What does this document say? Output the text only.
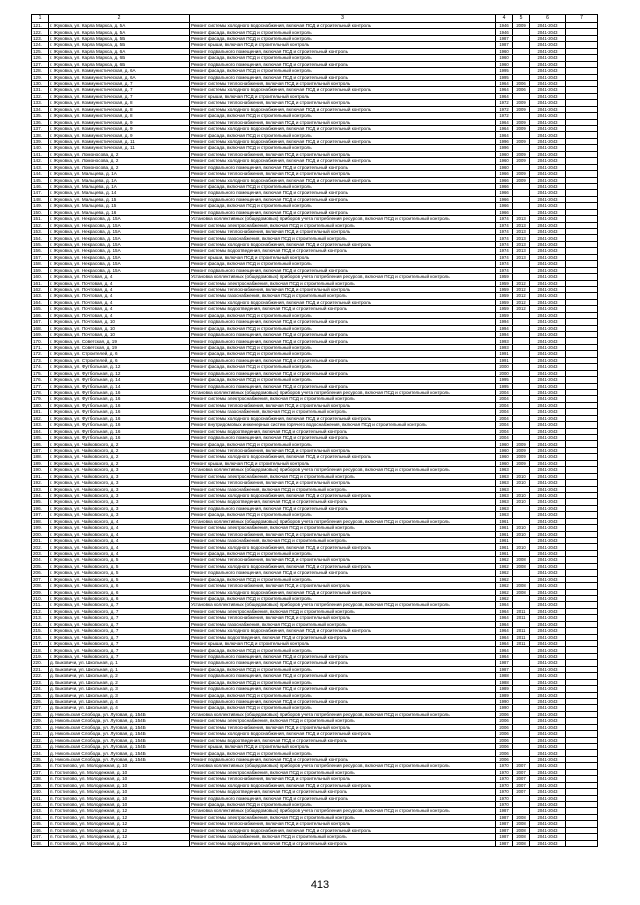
1	2	3	4	5	6	7
121.	г. Жуковка, ул. Карла Маркса, д. 5А	Ремонт системы холодного водоснабжения, включая ПСД и строительный контроль	1946	2009	2041-2043	
122.	г. Жуковка, ул. Карла Маркса, д. 5А	Ремонт фасада, включая ПСД и строительный контроль	1946		2041-2043	
123.	г. Жуковка, ул. Карла Маркса, д. 5Б	Ремонт фасада, включая ПСД и строительный контроль	1987		2041-2043	
124.	г. Жуковка, ул. Карла Маркса, д. 5Б	Ремонт крыши, включая ПСД и строительный контроль	1987		2041-2043	
125.	г. Жуковка, ул. Карла Маркса, д. 6А	Ремонт подвального помещения, включая ПСД и строительный контроль	1960		2041-2043	
126.	г. Жуковка, ул. Карла Маркса, д. 6Б	Ремонт фасада, включая ПСД и строительный контроль	1960		2041-2043	
127.	г. Жуковка, ул. Карла Маркса, д. 6Б	Ремонт подвального помещения, включая ПСД и строительный контроль	1960		2041-2043	
128.	г. Жуковка, ул. Коммунистическая, д. 6А	Ремонт фасада, включая ПСД и строительный контроль	1995		2041-2043	
129.	г. Жуковка, ул. Коммунистическая, д. 6А	Ремонт подвального помещения, включая ПСД и строительный контроль	1995		2041-2043	
130.	г. Жуковка, ул. Коммунистическая, д. 7	Ремонт системы теплоснабжения, включая ПСД и строительный контроль	1964	2006	2041-2043	
131.	г. Жуковка, ул. Коммунистическая, д. 7	Ремонт системы холодного водоснабжения, включая ПСД и строительный контроль	1964	2006	2041-2043	
132.	г. Жуковка, ул. Коммунистическая, д. 7	Ремонт крыши, включая ПСД и строительный контроль	1964		2041-2043	
133.	г. Жуковка, ул. Коммунистическая, д. 8	Ремонт системы теплоснабжения, включая ПСД и строительный контроль	1972	2009	2041-2043	
134.	г. Жуковка, ул. Коммунистическая, д. 8	Ремонт системы холодного водоснабжения, включая ПСД и строительный контроль	1972	2009	2041-2043	
135.	г. Жуковка, ул. Коммунистическая, д. 8	Ремонт фасада, включая ПСД и строительный контроль	1972		2041-2043	
136.	г. Жуковка, ул. Коммунистическая, д. 9	Ремонт системы теплоснабжения, включая ПСД и строительный контроль	1964	2009	2041-2043	
137.	г. Жуковка, ул. Коммунистическая, д. 9	Ремонт системы холодного водоснабжения, включая ПСД и строительный контроль	1964	2009	2041-2043	
138.	г. Жуковка, ул. Коммунистическая, д. 9	Ремонт фасада, включая ПСД и строительный контроль	1964		2041-2043	
139.	г. Жуковка, ул. Коммунистическая, д. 11	Ремонт системы холодного водоснабжения, включая ПСД и строительный контроль	1996	2009	2041-2043	
140.	г. Жуковка, ул. Коммунистическая, д. 11	Ремонт фасада, включая ПСД и строительный контроль	1996		2041-2043	
141.	г. Жуковка, ул. Ломоносова, д. 2	Ремонт системы теплоснабжения, включая ПСД и строительный контроль	1960	2009	2041-2043	
142.	г. Жуковка, ул. Ломоносова, д. 2	Ремонт системы холодного водоснабжения, включая ПСД и строительный контроль	1960	2009	2041-2043	
143.	г. Жуковка, ул. Ломоносова, д. 2	Ремонт подвального помещения, включая ПСД и строительный контроль	1960		2041-2043	
144.	г. Жуковка, ул. Мальцева, д. 1А	Ремонт системы теплоснабжения, включая ПСД и строительный контроль	1966	2009	2041-2043	
145.	г. Жуковка, ул. Мальцева, д. 1А	Ремонт системы холодного водоснабжения, включая ПСД и строительный контроль	1966	2009	2041-2043	
146.	г. Жуковка, ул. Мальцева, д. 1А	Ремонт фасада, включая ПСД и строительный контроль	1966		2041-2043	
147.	г. Жуковка, ул. Мальцева, д. 14	Ремонт подвального помещения, включая ПСД и строительный контроль	1966		2041-2043	
148.	г. Жуковка, ул. Мальцева, д. 15	Ремонт подвального помещения, включая ПСД и строительный контроль	1966		2041-2043	
149.	г. Жуковка, ул. Мальцева, д. 15	Ремонт фасада, включая ПСД и строительный контроль	1966		2041-2043	
150.	г. Жуковка, ул. Мальцева, д. 16	Ремонт подвального помещения, включая ПСД и строительный контроль	1966		2041-2043	
151.	г. Жуковка, ул. Некрасова, д. 15А	Установка коллективных (общедомовых) приборов учета потребления ресурсов, включая ПСД и строительный контроль	1974	2013	2041-2043	
152.	г. Жуковка, ул. Некрасова, д. 15А	Ремонт системы электроснабжения, включая ПСД и строительный контроль	1974	2013	2041-2043	
153.	г. Жуковка, ул. Некрасова, д. 15А	Ремонт системы теплоснабжения, включая ПСД и строительный контроль	1974	2013	2041-2043	
154.	г. Жуковка, ул. Некрасова, д. 15А	Ремонт системы газоснабжения, включая ПСД и строительный контроль	1974	2013	2041-2043	
155.	г. Жуковка, ул. Некрасова, д. 15А	Ремонт системы холодного водоснабжения, включая ПСД и строительный контроль	1974	2013	2041-2043	
156.	г. Жуковка, ул. Некрасова, д. 15А	Ремонт системы водоотведения, включая ПСД и строительный контроль	1974	2013	2041-2043	
157.	г. Жуковка, ул. Некрасова, д. 15А	Ремонт крыши, включая ПСД и строительный контроль	1974	2013	2041-2043	
158.	г. Жуковка, ул. Некрасова, д. 15А	Ремонт фасада, включая ПСД и строительный контроль	1974		2041-2043	
159.	г. Жуковка, ул. Некрасова, д. 15А	Ремонт подвального помещения, включая ПСД и строительный контроль	1974		2041-2043	
160.	г. Жуковка, ул. Почтовая, д. 4	Установка коллективных (общедомовых) приборов учета потребления ресурсов, включая ПСД и строительный контроль	1959		2041-2043	
161.	г. Жуковка, ул. Почтовая, д. 4	Ремонт системы электроснабжения, включая ПСД и строительный контроль	1959	2012	2041-2043	
162.	г. Жуковка, ул. Почтовая, д. 4	Ремонт системы теплоснабжения, включая ПСД и строительный контроль	1959	2012	2041-2043	
163.	г. Жуковка, ул. Почтовая, д. 4	Ремонт системы газоснабжения, включая ПСД и строительный контроль	1959	2012	2041-2043	
164.	г. Жуковка, ул. Почтовая, д. 4	Ремонт системы холодного водоснабжения, включая ПСД и строительный контроль	1959	2012	2041-2043	
165.	г. Жуковка, ул. Почтовая, д. 4	Ремонт системы водоотведения, включая ПСД и строительный контроль	1959	2012	2041-2043	
166.	г. Жуковка, ул. Почтовая, д. 4	Ремонт фасада, включая ПСД и строительный контроль	1959		2041-2043	
167.	г. Жуковка, ул. Почтовая, д. 10	Ремонт подвального помещения, включая ПСД и строительный контроль	1994		2041-2043	
168.	г. Жуковка, ул. Почтовая, д. 10	Ремонт фасада, включая ПСД и строительный контроль	1994		2041-2043	
169.	г. Жуковка, ул. Почтовая, д. 10	Ремонт подвального помещения, включая ПСД и строительный контроль	1994		2041-2043	
170.	г. Жуковка, ул. Советская, д. 19	Ремонт подвального помещения, включая ПСД и строительный контроль	1993		2041-2043	
171.	г. Жуковка, ул. Советская, д. 19	Ремонт фасада, включая ПСД и строительный контроль	1993		2041-2043	
172.	г. Жуковка, ул. Строителей, д. 6	Ремонт фасада, включая ПСД и строительный контроль	1991		2041-2043	
173.	г. Жуковка, ул. Строителей, д. 6	Ремонт подвального помещения, включая ПСД и строительный контроль	1991		2041-2043	
174.	г. Жуковка, ул. Футбольная, д. 12	Ремонт фасада, включая ПСД и строительный контроль	2000		2041-2043	
175.	г. Жуковка, ул. Футбольная, д. 12	Ремонт подвального помещения, включая ПСД и строительный контроль	2000		2041-2043	
176.	г. Жуковка, ул. Футбольная, д. 14	Ремонт фасада, включая ПСД и строительный контроль	1995		2041-2043	
177.	г. Жуковка, ул. Футбольная, д. 14	Ремонт подвального помещения, включая ПСД и строительный контроль	1995		2041-2043	
178.	г. Жуковка, ул. Футбольная, д. 16	Установка коллективных (общедомовых) приборов учета потребления ресурсов, включая ПСД и строительный контроль	2004		2041-2043	
179.	г. Жуковка, ул. Футбольная, д. 16	Ремонт системы электроснабжения, включая ПСД и строительный контроль	2004		2041-2043	
180.	г. Жуковка, ул. Футбольная, д. 16	Ремонт системы теплоснабжения, включая ПСД и строительный контроль	2004		2041-2043	
181.	г. Жуковка, ул. Футбольная, д. 16	Ремонт системы газоснабжения, включая ПСД и строительный контроль	2004		2041-2043	
182.	г. Жуковка, ул. Футбольная, д. 16	Ремонт системы холодного водоснабжения, включая ПСД и строительный контроль	2004		2041-2043	
183.	г. Жуковка, ул. Футбольная, д. 16	Ремонт внутридомовых инженерных систем горячего водоснабжения, включая ПСД и строительный контроль	2004		2041-2043	
184.	г. Жуковка, ул. Футбольная, д. 16	Ремонт системы водоотведения, включая ПСД и строительный контроль	2004		2041-2043	
185.	г. Жуковка, ул. Футбольная, д. 16	Ремонт подвального помещения, включая ПСД и строительный контроль	2004		2041-2043	
186.	г. Жуковка, ул. Чайковского, д. 2	Ремонт фасада, включая ПСД и строительный контроль	1960	2009	2041-2043	
187.	г. Жуковка, ул. Чайковского, д. 2	Ремонт системы теплоснабжения, включая ПСД и строительный контроль	1960	2009	2041-2043	
188.	г. Жуковка, ул. Чайковского, д. 2	Ремонт системы холодного водоснабжения, включая ПСД и строительный контроль	1960	2009	2041-2043	
189.	г. Жуковка, ул. Чайковского, д. 2	Ремонт крыши, включая ПСД и строительный контроль	1960	2009	2041-2043	
190.	г. Жуковка, ул. Чайковского, д. 3	Установка коллективных (общедомовых) приборов учета потребления ресурсов, включая ПСД и строительный контроль	1963		2041-2043	
191.	г. Жуковка, ул. Чайковского, д. 3	Ремонт системы электроснабжения, включая ПСД и строительный контроль	1963	2010	2041-2043	
192.	г. Жуковка, ул. Чайковского, д. 3	Ремонт системы теплоснабжения, включая ПСД и строительный контроль	1963	2010	2041-2043	
193.	г. Жуковка, ул. Чайковского, д. 3	Ремонт системы газоснабжения, включая ПСД и строительный контроль	1963		2041-2043	
194.	г. Жуковка, ул. Чайковского, д. 3	Ремонт системы холодного водоснабжения, включая ПСД и строительный контроль	1963	2010	2041-2043	
195.	г. Жуковка, ул. Чайковского, д. 3	Ремонт системы водоотведения, включая ПСД и строительный контроль	1963	2010	2041-2043	
196.	г. Жуковка, ул. Чайковского, д. 3	Ремонт подвального помещения, включая ПСД и строительный контроль	1963		2041-2043	
197.	г. Жуковка, ул. Чайковского, д. 3	Ремонт фасада, включая ПСД и строительный контроль	1963		2041-2043	
198.	г. Жуковка, ул. Чайковского, д. 4	Установка коллективных (общедомовых) приборов учета потребления ресурсов, включая ПСД и строительный контроль	1961		2041-2043	
199.	г. Жуковка, ул. Чайковского, д. 4	Ремонт системы электроснабжения, включая ПСД и строительный контроль	1961	2010	2041-2043	
200.	г. Жуковка, ул. Чайковского, д. 4	Ремонт системы теплоснабжения, включая ПСД и строительный контроль	1961	2010	2041-2043	
201.	г. Жуковка, ул. Чайковского, д. 4	Ремонт системы газоснабжения, включая ПСД и строительный контроль	1961		2041-2043	
202.	г. Жуковка, ул. Чайковского, д. 4	Ремонт системы холодного водоснабжения, включая ПСД и строительный контроль	1961	2010	2041-2043	
203.	г. Жуковка, ул. Чайковского, д. 4	Ремонт фасада, включая ПСД и строительный контроль	1961		2041-2043	
204.	г. Жуковка, ул. Чайковского, д. 5	Ремонт системы теплоснабжения, включая ПСД и строительный контроль	1962	2008	2041-2043	
205.	г. Жуковка, ул. Чайковского, д. 5	Ремонт системы холодного водоснабжения, включая ПСД и строительный контроль	1962	2008	2041-2043	
206.	г. Жуковка, ул. Чайковского, д. 5	Ремонт подвального помещения, включая ПСД и строительный контроль	1962		2041-2043	
207.	г. Жуковка, ул. Чайковского, д. 5	Ремонт фасада, включая ПСД и строительный контроль	1962		2041-2043	
208.	г. Жуковка, ул. Чайковского, д. 6	Ремонт системы теплоснабжения, включая ПСД и строительный контроль	1962	2008	2041-2043	
209.	г. Жуковка, ул. Чайковского, д. 6	Ремонт системы холодного водоснабжения, включая ПСД и строительный контроль	1962	2008	2041-2043	
210.	г. Жуковка, ул. Чайковского, д. 6	Ремонт фасада, включая ПСД и строительный контроль	1962		2041-2043	
211.	г. Жуковка, ул. Чайковского, д. 7	Установка коллективных (общедомовых) приборов учета потребления ресурсов, включая ПСД и строительный контроль	1964		2041-2043	
212.	г. Жуковка, ул. Чайковского, д. 7	Ремонт системы электроснабжения, включая ПСД и строительный контроль	1964	2011	2041-2043	
213.	г. Жуковка, ул. Чайковского, д. 7	Ремонт системы теплоснабжения, включая ПСД и строительный контроль	1964	2011	2041-2043	
214.	г. Жуковка, ул. Чайковского, д. 7	Ремонт системы газоснабжения, включая ПСД и строительный контроль	1964		2041-2043	
215.	г. Жуковка, ул. Чайковского, д. 7	Ремонт системы холодного водоснабжения, включая ПСД и строительный контроль	1964	2011	2041-2043	
216.	г. Жуковка, ул. Чайковского, д. 7	Ремонт системы водоотведения, включая ПСД и строительный контроль	1964	2011	2041-2043	
217.	г. Жуковка, ул. Чайковского, д. 7	Ремонт крыши, включая ПСД и строительный контроль	1964	2011	2041-2043	
218.	г. Жуковка, ул. Чайковского, д. 7	Ремонт фасада, включая ПСД и строительный контроль	1964		2041-2043	
219.	г. Жуковка, ул. Чайковского, д. 7	Ремонт подвального помещения, включая ПСД и строительный контроль	1964		2041-2043	
220.	д. Быковичи, ул. Школьная, д. 1	Ремонт подвального помещения, включая ПСД и строительный контроль	1987		2041-2043	
221.	д. Быковичи, ул. Школьная, д. 1	Ремонт фасада, включая ПСД и строительный контроль	1987		2041-2043	
222.	д. Быковичи, ул. Школьная, д. 2	Ремонт подвального помещения, включая ПСД и строительный контроль	1988		2041-2043	
223.	д. Быковичи, ул. Школьная, д. 2	Ремонт фасада, включая ПСД и строительный контроль	1988		2041-2043	
224.	д. Быковичи, ул. Школьная, д. 3	Ремонт подвального помещения, включая ПСД и строительный контроль	1989		2041-2043	
225.	д. Быковичи, ул. Школьная, д. 3	Ремонт фасада, включая ПСД и строительный контроль	1989		2041-2043	
226.	д. Быковичи, ул. Школьная, д. 4	Ремонт подвального помещения, включая ПСД и строительный контроль	1990		2041-2043	
227.	д. Быковичи, ул. Школьная, д. 4	Ремонт фасада, включая ПСД и строительный контроль	1990		2041-2043	
228.	д. Никольская Слобода, ул. Луговая, д. 154Б	Установка коллективных (общедомовых) приборов учета потребления ресурсов, включая ПСД и строительный контроль	2006		2041-2043	
229.	д. Никольская Слобода, ул. Луговая, д. 154Б	Ремонт системы электроснабжения, включая ПСД и строительный контроль	2006		2041-2043	
230.	д. Никольская Слобода, ул. Луговая, д. 154Б	Ремонт системы теплоснабжения, включая ПСД и строительный контроль	2006		2041-2043	
231.	д. Никольская Слобода, ул. Луговая, д. 154Б	Ремонт системы холодного водоснабжения, включая ПСД и строительный контроль	2006		2041-2043	
232.	д. Никольская Слобода, ул. Луговая, д. 154Б	Ремонт системы водоотведения, включая ПСД и строительный контроль	2006		2041-2043	
233.	д. Никольская Слобода, ул. Луговая, д. 154Б	Ремонт крыши, включая ПСД и строительный контроль	2006		2041-2043	
234.	д. Никольская Слобода, ул. Луговая, д. 154Б	Ремонт фасада, включая ПСД и строительный контроль	2006		2041-2043	
235.	д. Никольская Слобода, ул. Луговая, д. 154Б	Ремонт подвального помещения, включая ПСД и строительный контроль	2006		2041-2043	
236.	п. Гостилово, ул. Молодежная, д. 10	Установка коллективных (общедомовых) приборов учета потребления ресурсов, включая ПСД и строительный контроль	1970	2007	2041-2043	
237.	п. Гостилово, ул. Молодежная, д. 10	Ремонт системы электроснабжения, включая ПСД и строительный контроль	1970	2007	2041-2043	
238.	п. Гостилово, ул. Молодежная, д. 10	Ремонт системы теплоснабжения, включая ПСД и строительный контроль	1970	2007	2041-2043	
239.	п. Гостилово, ул. Молодежная, д. 10	Ремонт системы холодного водоснабжения, включая ПСД и строительный контроль	1970	2007	2041-2043	
240.	п. Гостилово, ул. Молодежная, д. 10	Ремонт системы водоотведения, включая ПСД и строительный контроль	1970	2007	2041-2043	
241.	п. Гостилово, ул. Молодежная, д. 10	Ремонт подвального помещения, включая ПСД и строительный контроль	1970		2041-2043	
242.	п. Гостилово, ул. Молодежная, д. 10	Ремонт фасада, включая ПСД и строительный контроль	1970		2041-2043	
243.	п. Гостилово, ул. Молодежная, д. 12	Установка коллективных (общедомовых) приборов учета потребления ресурсов, включая ПСД и строительный контроль	1987		2041-2043	
244.	п. Гостилово, ул. Молодежная, д. 12	Ремонт системы электроснабжения, включая ПСД и строительный контроль	1987	2008	2041-2043	
245.	п. Гостилово, ул. Молодежная, д. 12	Ремонт системы теплоснабжения, включая ПСД и строительный контроль	1987	2008	2041-2043	
246.	п. Гостилово, ул. Молодежная, д. 12	Ремонт системы холодного водоснабжения, включая ПСД и строительный контроль	1987	2008	2041-2043	
247.	п. Гостилово, ул. Молодежная, д. 12	Ремонт системы газоснабжения, включая ПСД и строительный контроль	1987	2008	2041-2043	
248.	п. Гостилово, ул. Молодежная, д. 12	Ремонт системы водоотведения, включая ПСД и строительный контроль	1987	2008	2041-2043	
413
